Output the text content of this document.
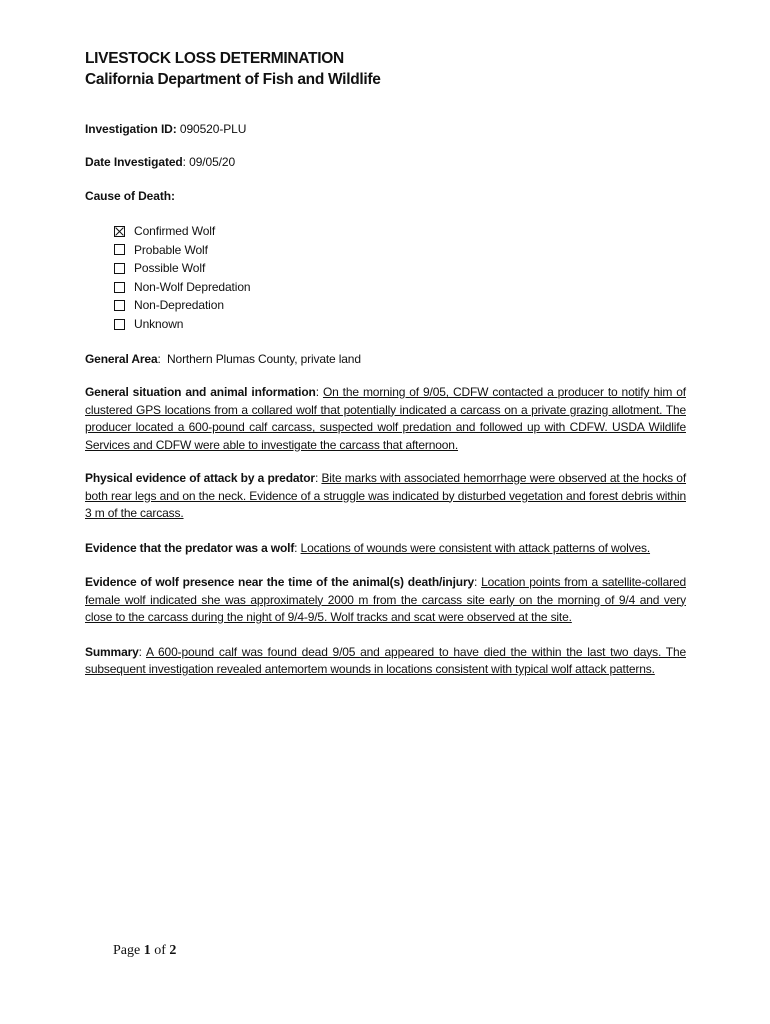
LIVESTOCK LOSS DETERMINATION
California Department of Fish and Wildlife
Investigation ID: 090520-PLU
Date Investigated: 09/05/20
Cause of Death:
Confirmed Wolf
Probable Wolf
Possible Wolf
Non-Wolf Depredation
Non-Depredation
Unknown
General Area:  Northern Plumas County, private land
General situation and animal information: On the morning of 9/05, CDFW contacted a producer to notify him of clustered GPS locations from a collared wolf that potentially indicated a carcass on a private grazing allotment. The producer located a 600-pound calf carcass, suspected wolf predation and followed up with CDFW. USDA Wildlife Services and CDFW were able to investigate the carcass that afternoon.
Physical evidence of attack by a predator: Bite marks with associated hemorrhage were observed at the hocks of both rear legs and on the neck. Evidence of a struggle was indicated by disturbed vegetation and forest debris within 3 m of the carcass.
Evidence that the predator was a wolf: Locations of wounds were consistent with attack patterns of wolves.
Evidence of wolf presence near the time of the animal(s) death/injury: Location points from a satellite-collared female wolf indicated she was approximately 2000 m from the carcass site early on the morning of 9/4 and very close to the carcass during the night of 9/4-9/5. Wolf tracks and scat were observed at the site.
Summary: A 600-pound calf was found dead 9/05 and appeared to have died the within the last two days. The subsequent investigation revealed antemortem wounds in locations consistent with typical wolf attack patterns.
Page 1 of 2
